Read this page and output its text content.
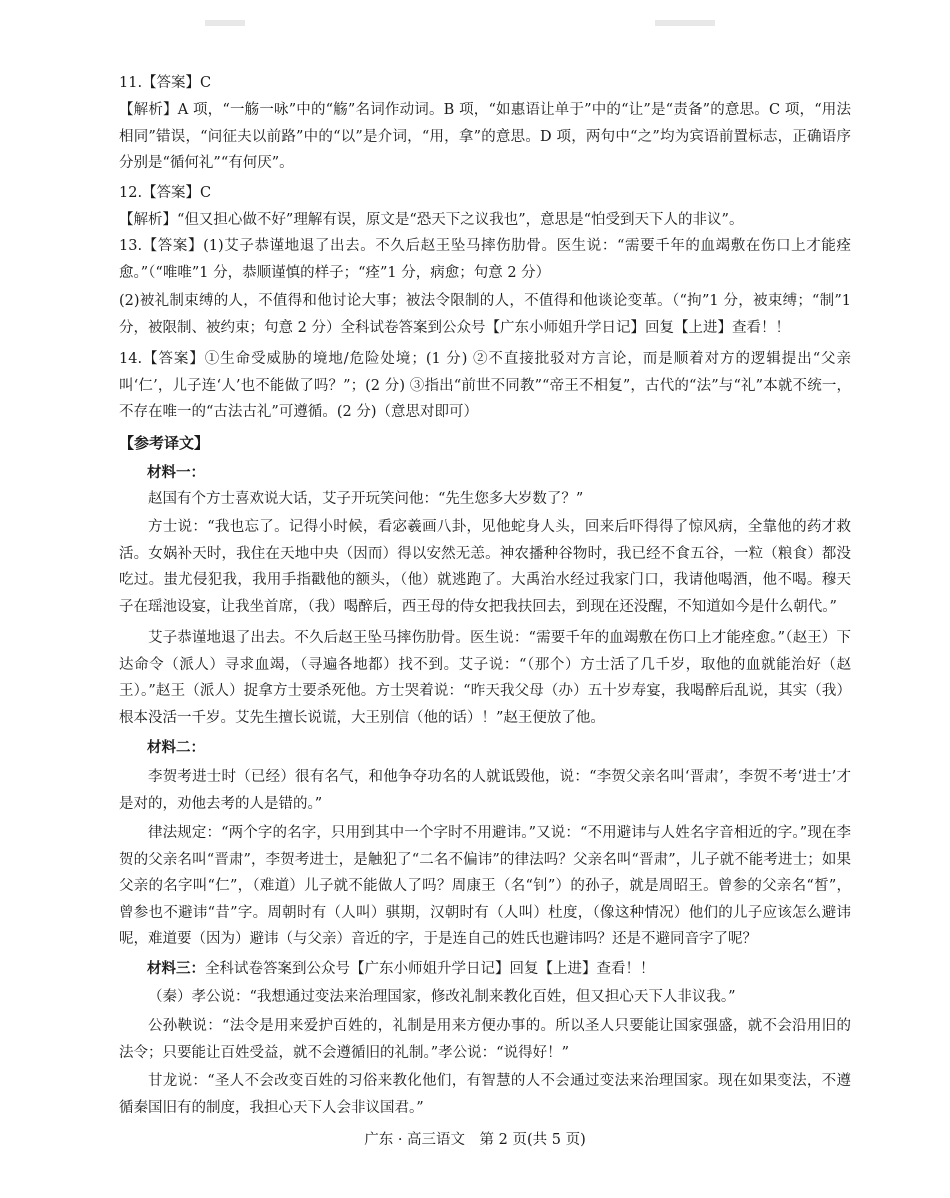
11.【答案】C

【解析】A 项，“一觞一咏”中的“觞”名词作动词。B 项，“如惠语让单于”中的“让”是“责备”的意思。C 项，“用法相同”错误，“问征夫以前路”中的“以”是介词，“用，拿”的意思。D 项，两句中“之”均为宾语前置标志，正确语序分别是“循何礼”“有何厌”。

12.【答案】C

【解析】“但又担心做不好”理解有误，原文是“恐天下之议我也”，意思是“怕受到天下人的非议”。

13.【答案】(1)艾子恭谨地退了出去。不久后赵王坠马摔伤肋骨。医生说：“需要千年的血竭敷在伤口上才能痊愈。”（“唯唯”1 分，恭顺谨慎的样子；“痊”1 分，病愈；句意 2 分）

(2)被礼制束缚的人，不值得和他讨论大事；被法令限制的人，不值得和他谈论变革。（“拘”1 分，被束缚；“制”1 分，被限制、被约束；句意 2 分）全科试卷答案到公众号【广东小师姐升学日记】回复【上进】查看！！

14.【答案】①生命受威胁的境地/危险处境；(1 分) ②不直接批驳对方言论，而是顺着对方的逻辑提出“父亲叫‘仁’，儿子连‘人’也不能做了吗？”；(2 分) ③指出“前世不同教”“帝王不相复”，古代的“法”与“礼”本就不统一，不存在唯一的“古法古礼”可遵循。(2 分)（意思对即可）

【参考译文】
材料一：

赵国有个方士喜欢说大话，艾子开玩笑问他：“先生您多大岁数了？”

方士说：“我也忘了。记得小时候，看宓羲画八卦，见他蛇身人头，回来后吓得得了惊风病，全靠他的药才救活。女娲补天时，我住在天地中央（因而）得以安然无恙。神农播种谷物时，我已经不食五谷，一粒（粮食）都没吃过。蚩尤侵犯我，我用手指戳他的额头，（他）就逃跑了。大禹治水经过我家门口，我请他喝酒，他不喝。穆天子在瑶池设宴，让我坐首席，（我）喝醉后，西王母的侍女把我扶回去，到现在还没醒，不知道如今是什么朝代。”

艾子恭谨地退了出去。不久后赵王坠马摔伤肋骨。医生说：“需要千年的血竭敷在伤口上才能痊愈。”（赵王）下达命令（派人）寻求血竭，（寻遍各地都）找不到。艾子说：“（那个）方士活了几千岁，取他的血就能治好（赵王）。”赵王（派人）捉拿方士要杀死他。方士哭着说：“昨天我父母（办）五十岁寿宴，我喝醉后乱说，其实（我）根本没活一千岁。艾先生擅长说谎，大王别信（他的话）！”赵王便放了他。

材料二：

李贺考进士时（已经）很有名气，和他争夺功名的人就诋毁他，说：“李贺父亲名叫‘晋肃’，李贺不考‘进士’才是对的，劝他去考的人是错的。”

律法规定：“两个字的名字，只用到其中一个字时不用避讳。”又说：“不用避讳与人姓名字音相近的字。”现在李贺的父亲名叫“晋肃”，李贺考进士，是触犯了“二名不偏讳”的律法吗？父亲名叫“晋肃”，儿子就不能考进士；如果父亲的名字叫“仁”，（难道）儿子就不能做人了吗？周康王（名“钊”）的孙子，就是周昭王。曾参的父亲名“皙”，曾参也不避讳“昔”字。周朝时有（人叫）骐期，汉朝时有（人叫）杜度，（像这种情况）他们的儿子应该怎么避讳呢，难道要（因为）避讳（与父亲）音近的字，于是连自己的姓氏也避讳吗？还是不避同音字了呢？

材料三：全科试卷答案到公众号【广东小师姐升学日记】回复【上进】查看！！

（秦）孝公说：“我想通过变法来治理国家，修改礼制来教化百姓，但又担心天下人非议我。”

公孙鞅说：“法令是用来爱护百姓的，礼制是用来方便办事的。所以圣人只要能让国家强盛，就不会沿用旧的法令；只要能让百姓受益，就不会遵循旧的礼制。”孝公说：“说得好！”

甘龙说：“圣人不会改变百姓的习俗来教化他们，有智慧的人不会通过变法来治理国家。现在如果变法，不遵循秦国旧有的制度，我担心天下人会非议国君。”

广东 · 高三语文　第 2 页(共 5 页)
